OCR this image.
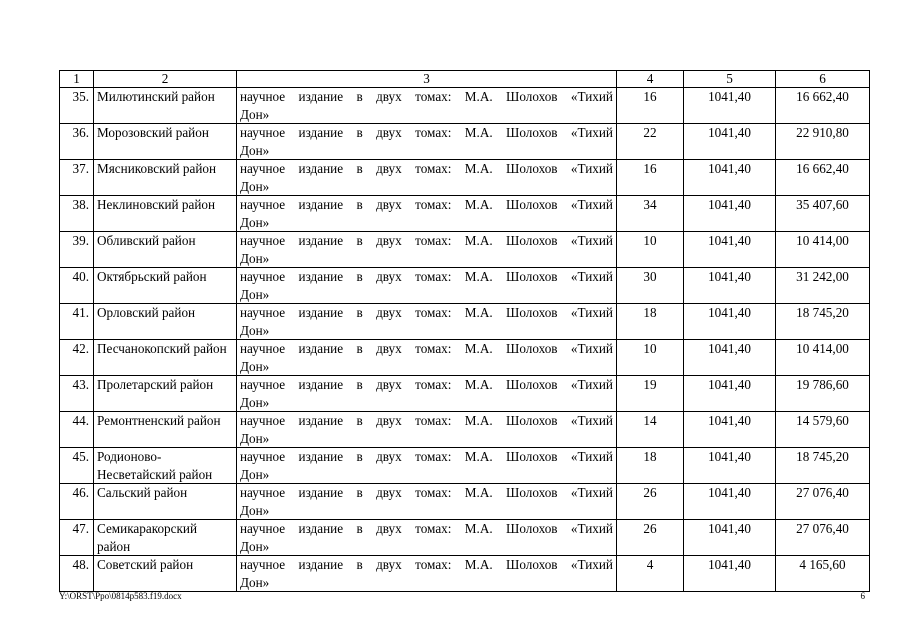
1	2	3	4	5	6
35.	Милютинский район	научное издание в двух томах: М.А. Шолохов «Тихий
Дон»	16	1041,40	16 662,40
36.	Морозовский район	научное издание в двух томах: М.А. Шолохов «Тихий
Дон»	22	1041,40	22 910,80
37.	Мясниковский район	научное издание в двух томах: М.А. Шолохов «Тихий
Дон»	16	1041,40	16 662,40
38.	Неклиновский район	научное издание в двух томах: М.А. Шолохов «Тихий
Дон»	34	1041,40	35 407,60
39.	Обливский район	научное издание в двух томах: М.А. Шолохов «Тихий
Дон»	10	1041,40	10 414,00
40.	Октябрьский район	научное издание в двух томах: М.А. Шолохов «Тихий
Дон»	30	1041,40	31 242,00
41.	Орловский район	научное издание в двух томах: М.А. Шолохов «Тихий
Дон»	18	1041,40	18 745,20
42.	Песчанокопский район	научное издание в двух томах: М.А. Шолохов «Тихий
Дон»	10	1041,40	10 414,00
43.	Пролетарский район	научное издание в двух томах: М.А. Шолохов «Тихий
Дон»	19	1041,40	19 786,60
44.	Ремонтненский район	научное издание в двух томах: М.А. Шолохов «Тихий
Дон»	14	1041,40	14 579,60
45.	Родионово-Несветайский район	научное издание в двух томах: М.А. Шолохов «Тихий
Дон»	18	1041,40	18 745,20
46.	Сальский район	научное издание в двух томах: М.А. Шолохов «Тихий
Дон»	26	1041,40	27 076,40
47.	Семикаракорский район	научное издание в двух томах: М.А. Шолохов «Тихий
Дон»	26	1041,40	27 076,40
48.	Советский район	научное издание в двух томах: М.А. Шолохов «Тихий
Дон»	4	1041,40	4 165,60
Y:\ORST\Ppo\0814p583.f19.docx	6
